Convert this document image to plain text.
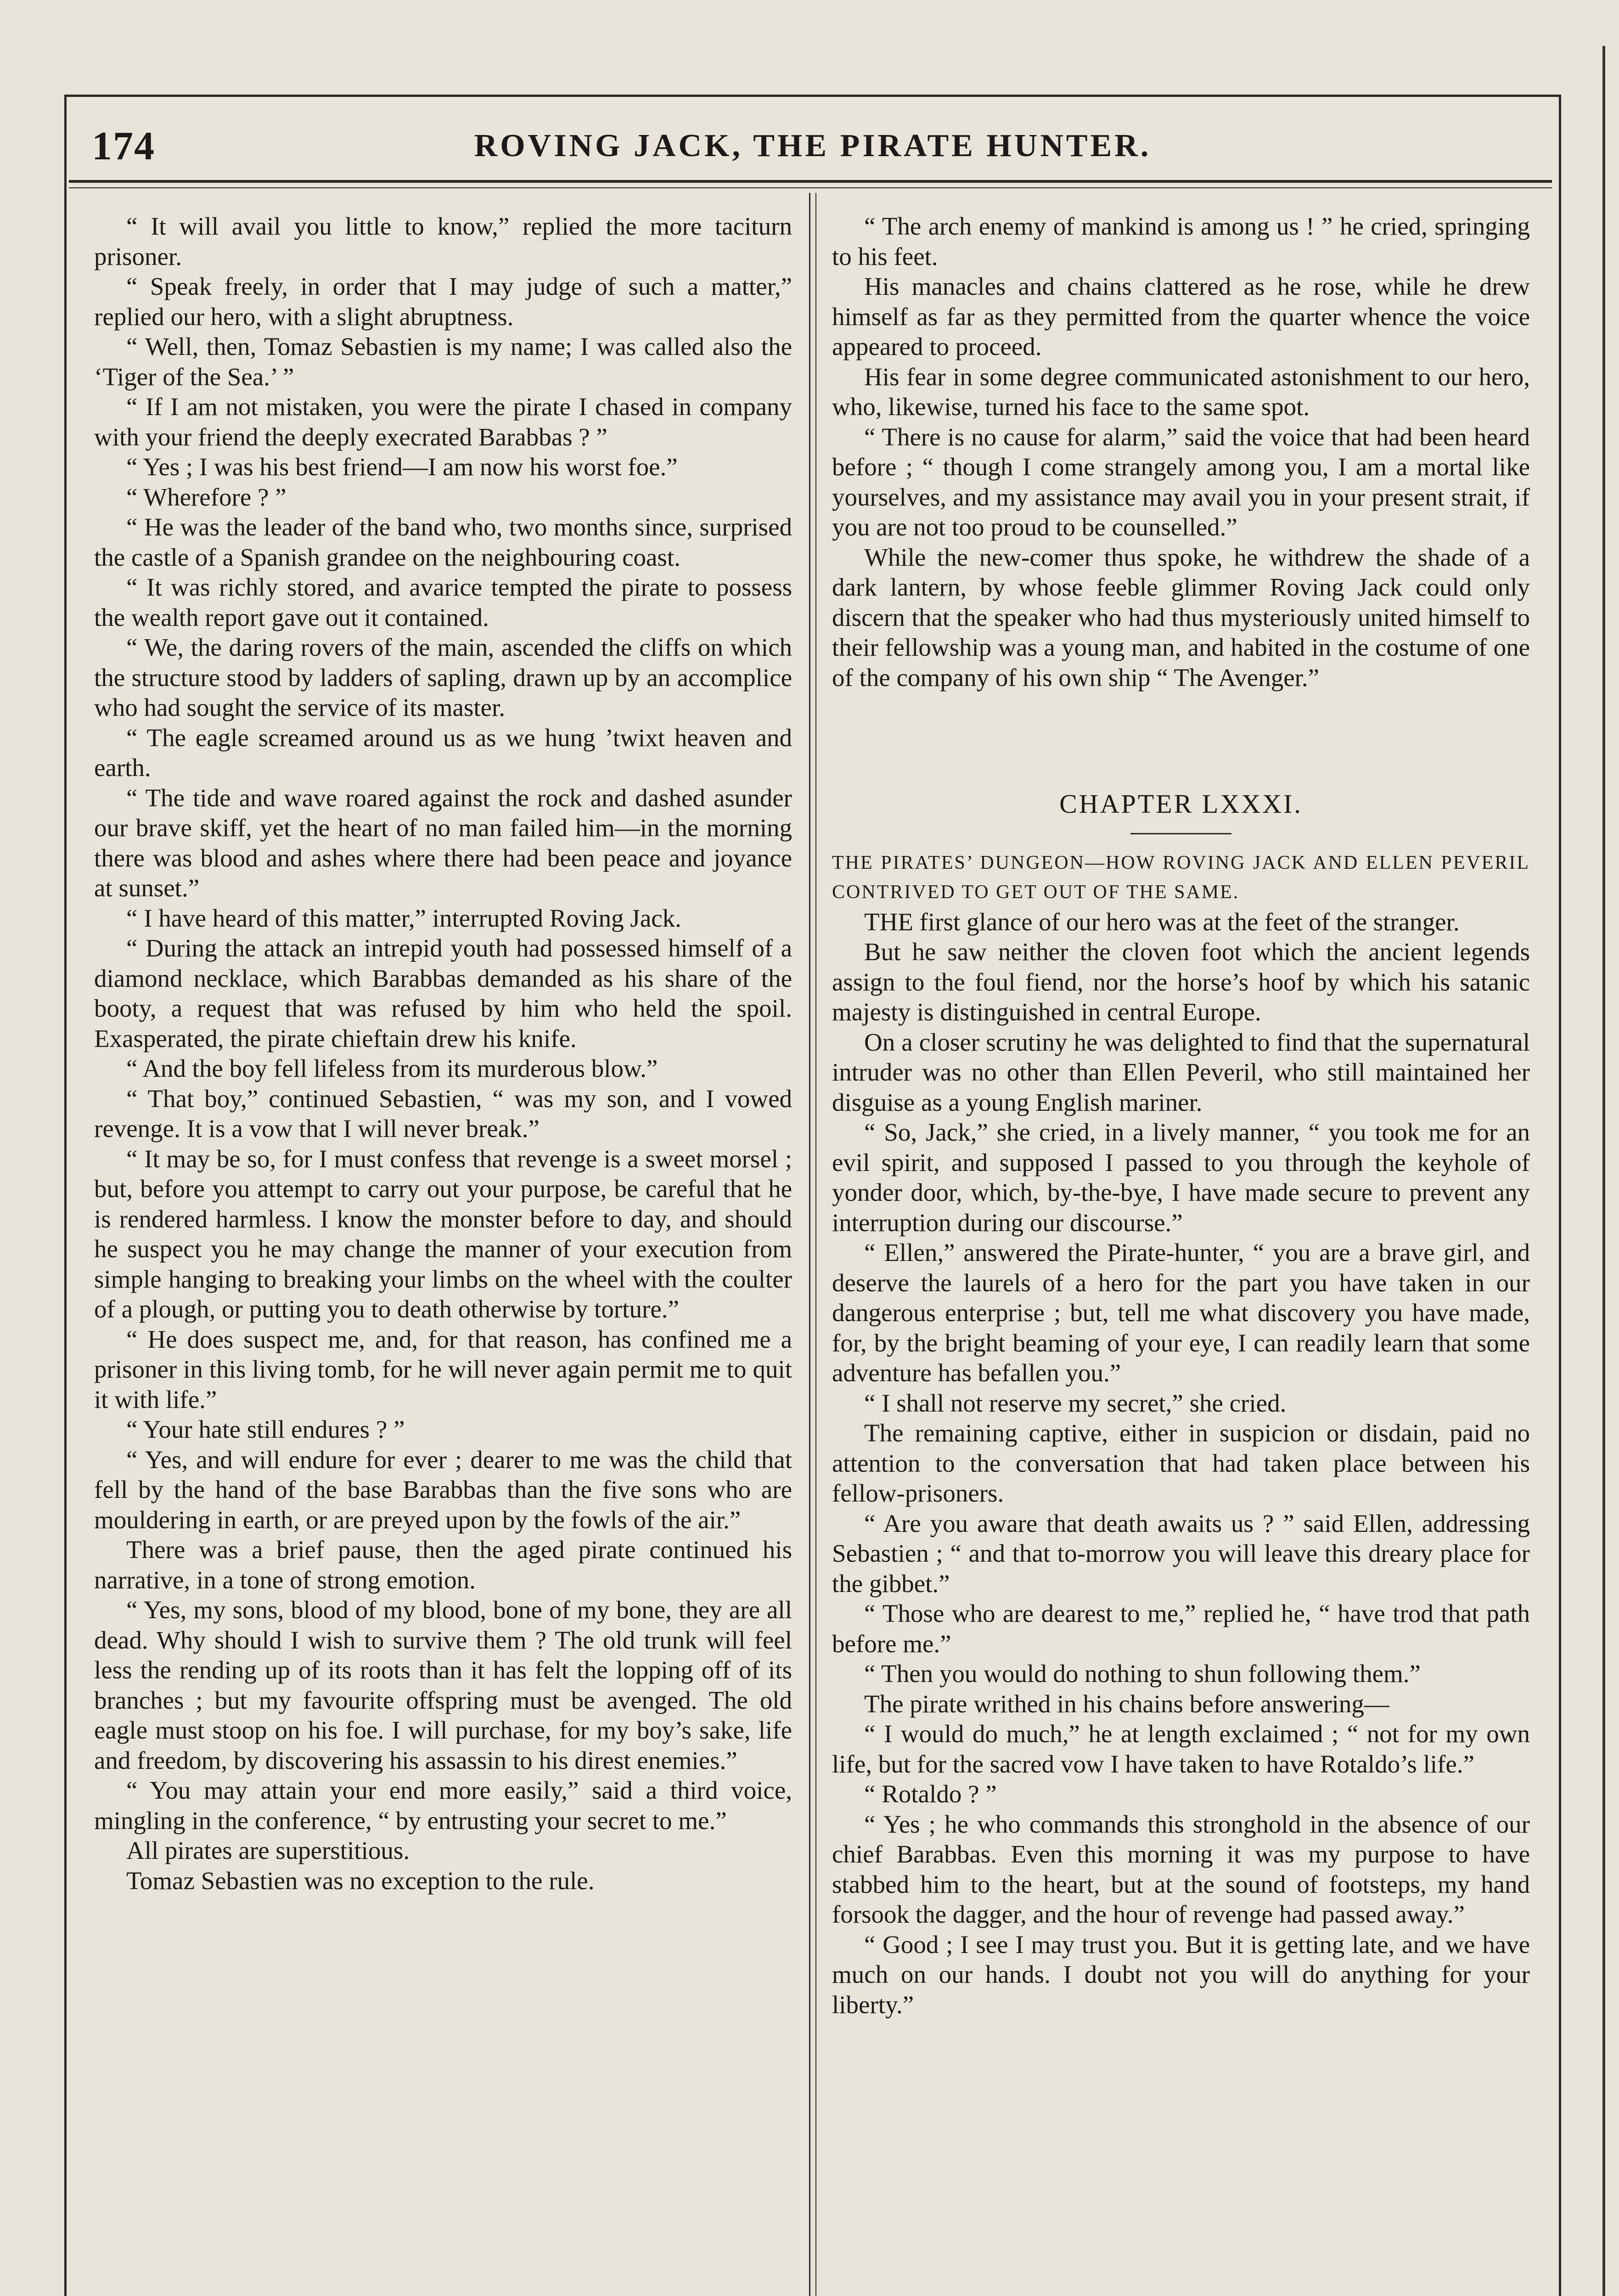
174	ROVING JACK, THE PIRATE HUNTER.

“ It will avail you little to know,” replied the more taciturn prisoner.

“ Speak freely, in order that I may judge of such a matter,” replied our hero, with a slight abruptness.

“ Well, then, Tomaz Sebastien is my name; I was called also the ‘Tiger of the Sea.’ ”

“ If I am not mistaken, you were the pirate I chased in company with your friend the deeply execrated Barabbas ? ”

“ Yes ; I was his best friend—I am now his worst foe.”

“ Wherefore ? ”

“ He was the leader of the band who, two months since, surprised the castle of a Spanish grandee on the neighbouring coast.

“ It was richly stored, and avarice tempted the pirate to possess the wealth report gave out it contained.

“ We, the daring rovers of the main, ascended the cliffs on which the structure stood by ladders of sapling, drawn up by an accomplice who had sought the service of its master.

“ The eagle screamed around us as we hung ’twixt heaven and earth.

“ The tide and wave roared against the rock and dashed asunder our brave skiff, yet the heart of no man failed him—in the morning there was blood and ashes where there had been peace and joyance at sunset.”

“ I have heard of this matter,” interrupted Roving Jack.

“ During the attack an intrepid youth had possessed himself of a diamond necklace, which Barabbas demanded as his share of the booty, a request that was refused by him who held the spoil. Exasperated, the pirate chieftain drew his knife.

“ And the boy fell lifeless from its murderous blow.”

“ That boy,” continued Sebastien, “ was my son, and I vowed revenge. It is a vow that I will never break.”

“ It may be so, for I must confess that revenge is a sweet morsel ; but, before you attempt to carry out your purpose, be careful that he is rendered harmless. I know the monster before to day, and should he suspect you he may change the manner of your execution from simple hanging to breaking your limbs on the wheel with the coulter of a plough, or putting you to death otherwise by torture.”

“ He does suspect me, and, for that reason, has confined me a prisoner in this living tomb, for he will never again permit me to quit it with life.”

“ Your hate still endures ? ”

“ Yes, and will endure for ever ; dearer to me was the child that fell by the hand of the base Barabbas than the five sons who are mouldering in earth, or are preyed upon by the fowls of the air.”

There was a brief pause, then the aged pirate continued his narrative, in a tone of strong emotion.

“ Yes, my sons, blood of my blood, bone of my bone, they are all dead. Why should I wish to survive them ? The old trunk will feel less the rending up of its roots than it has felt the lopping off of its branches ; but my favourite offspring must be avenged. The old eagle must stoop on his foe. I will purchase, for my boy’s sake, life and freedom, by discovering his assassin to his direst enemies.”

“ You may attain your end more easily,” said a third voice, mingling in the conference, “ by entrusting your secret to me.”

All pirates are superstitious.

Tomaz Sebastien was no exception to the rule.

“ The arch enemy of mankind is among us ! ” he cried, springing to his feet.

His manacles and chains clattered as he rose, while he drew himself as far as they permitted from the quarter whence the voice appeared to proceed.

His fear in some degree communicated astonishment to our hero, who, likewise, turned his face to the same spot.

“ There is no cause for alarm,” said the voice that had been heard before ; “ though I come strangely among you, I am a mortal like yourselves, and my assistance may avail you in your present strait, if you are not too proud to be counselled.”

While the new-comer thus spoke, he withdrew the shade of a dark lantern, by whose feeble glimmer Roving Jack could only discern that the speaker who had thus mysteriously united himself to their fellowship was a young man, and habited in the costume of one of the company of his own ship “ The Avenger.”

CHAPTER LXXXI.

THE PIRATES’ DUNGEON—HOW ROVING JACK AND ELLEN PEVERIL CONTRIVED TO GET OUT OF THE SAME.

THE first glance of our hero was at the feet of the stranger.

But he saw neither the cloven foot which the ancient legends assign to the foul fiend, nor the horse’s hoof by which his satanic majesty is distinguished in central Europe.

On a closer scrutiny he was delighted to find that the supernatural intruder was no other than Ellen Peveril, who still maintained her disguise as a young English mariner.

“ So, Jack,” she cried, in a lively manner, “ you took me for an evil spirit, and supposed I passed to you through the keyhole of yonder door, which, by-the-bye, I have made secure to prevent any interruption during our discourse.”

“ Ellen,” answered the Pirate-hunter, “ you are a brave girl, and deserve the laurels of a hero for the part you have taken in our dangerous enterprise ; but, tell me what discovery you have made, for, by the bright beaming of your eye, I can readily learn that some adventure has befallen you.”

“ I shall not reserve my secret,” she cried.

The remaining captive, either in suspicion or disdain, paid no attention to the conversation that had taken place between his fellow-prisoners.

“ Are you aware that death awaits us ? ” said Ellen, addressing Sebastien ; “ and that to-morrow you will leave this dreary place for the gibbet.”

“ Those who are dearest to me,” replied he, “ have trod that path before me.”

“ Then you would do nothing to shun following them.”

The pirate writhed in his chains before answering—

“ I would do much,” he at length exclaimed ; “ not for my own life, but for the sacred vow I have taken to have Rotaldo’s life.”

“ Rotaldo ? ”

“ Yes ; he who commands this stronghold in the absence of our chief Barabbas. Even this morning it was my purpose to have stabbed him to the heart, but at the sound of footsteps, my hand forsook the dagger, and the hour of revenge had passed away.”

“ Good ; I see I may trust you. But it is getting late, and we have much on our hands. I doubt not you will do anything for your liberty.”
